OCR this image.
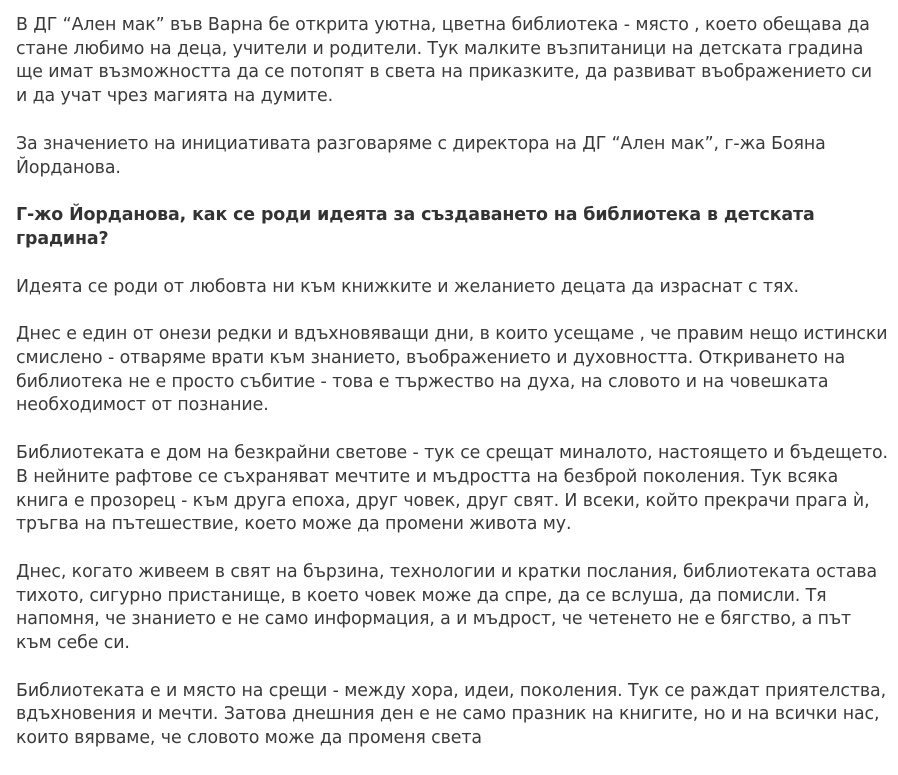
В ДГ “Ален мак” във Варна бе открита уютна, цветна библиотека - място , което обещава да стане любимо на деца, учители и родители. Тук малките възпитаници на детската градина ще имат възможността да се потопят в света на приказките, да развиват въображението си и да учат чрез магията на думите.

За значението на инициативата разговаряме с директора на ДГ “Ален мак”, г-жа Бояна Йорданова.

Г-жо Йорданова, как се роди идеята за създаването на библиотека в детската градина?

Идеята се роди от любовта ни към книжките и желанието децата да израснат с тях.

Днес е един от онези редки и вдъхновяващи дни, в които усещаме , че правим нещо истински смислено - отваряме врати към знанието, въображението и духовността. Откриването на библиотека не е просто събитие - това е тържество на духа, на словото и на човешката необходимост от познание.

Библиотеката е дом на безкрайни светове - тук се срещат миналото, настоящето и бъдещето. В нейните рафтове се съхраняват мечтите и мъдростта на безброй поколения. Тук всяка книга е прозорец - към друга епоха, друг човек, друг свят. И всеки, който прекрачи прага ѝ, тръгва на пътешествие, което може да промени живота му.

Днес, когато живеем в свят на бързина, технологии и кратки послания, библиотеката остава тихото, сигурно пристанище, в което човек може да спре, да се вслуша, да помисли. Тя напомня, че знанието е не само информация, а и мъдрост, че четенето не е бягство, а път към себе си.

Библиотеката е и място на срещи - между хора, идеи, поколения. Тук се раждат приятелства, вдъхновения и мечти. Затова днешния ден е не само празник на книгите, но и на всички нас, които вярваме, че словото може да променя света
